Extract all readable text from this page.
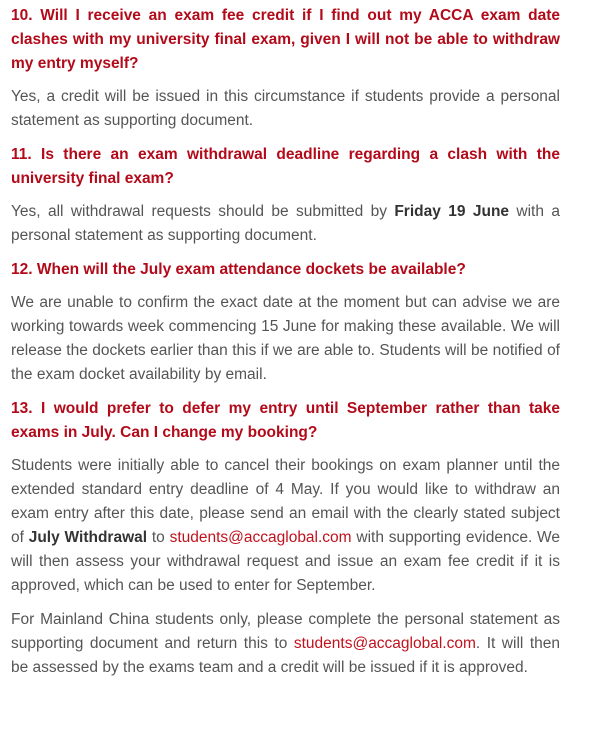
10. Will I receive an exam fee credit if I find out my ACCA exam date clashes with my university final exam, given I will not be able to withdraw my entry myself?

Yes, a credit will be issued in this circumstance if students provide a personal statement as supporting document.

11. Is there an exam withdrawal deadline regarding a clash with the university final exam?

Yes, all withdrawal requests should be submitted by Friday 19 June with a personal statement as supporting document.

12. When will the July exam attendance dockets be available?

We are unable to confirm the exact date at the moment but can advise we are working towards week commencing 15 June for making these available. We will release the dockets earlier than this if we are able to. Students will be notified of the exam docket availability by email.

13. I would prefer to defer my entry until September rather than take exams in July. Can I change my booking?

Students were initially able to cancel their bookings on exam planner until the extended standard entry deadline of 4 May. If you would like to withdraw an exam entry after this date, please send an email with the clearly stated subject of July Withdrawal to students@accaglobal.com with supporting evidence. We will then assess your withdrawal request and issue an exam fee credit if it is approved, which can be used to enter for September.

For Mainland China students only, please complete the personal statement as supporting document and return this to students@accaglobal.com. It will then be assessed by the exams team and a credit will be issued if it is approved.
